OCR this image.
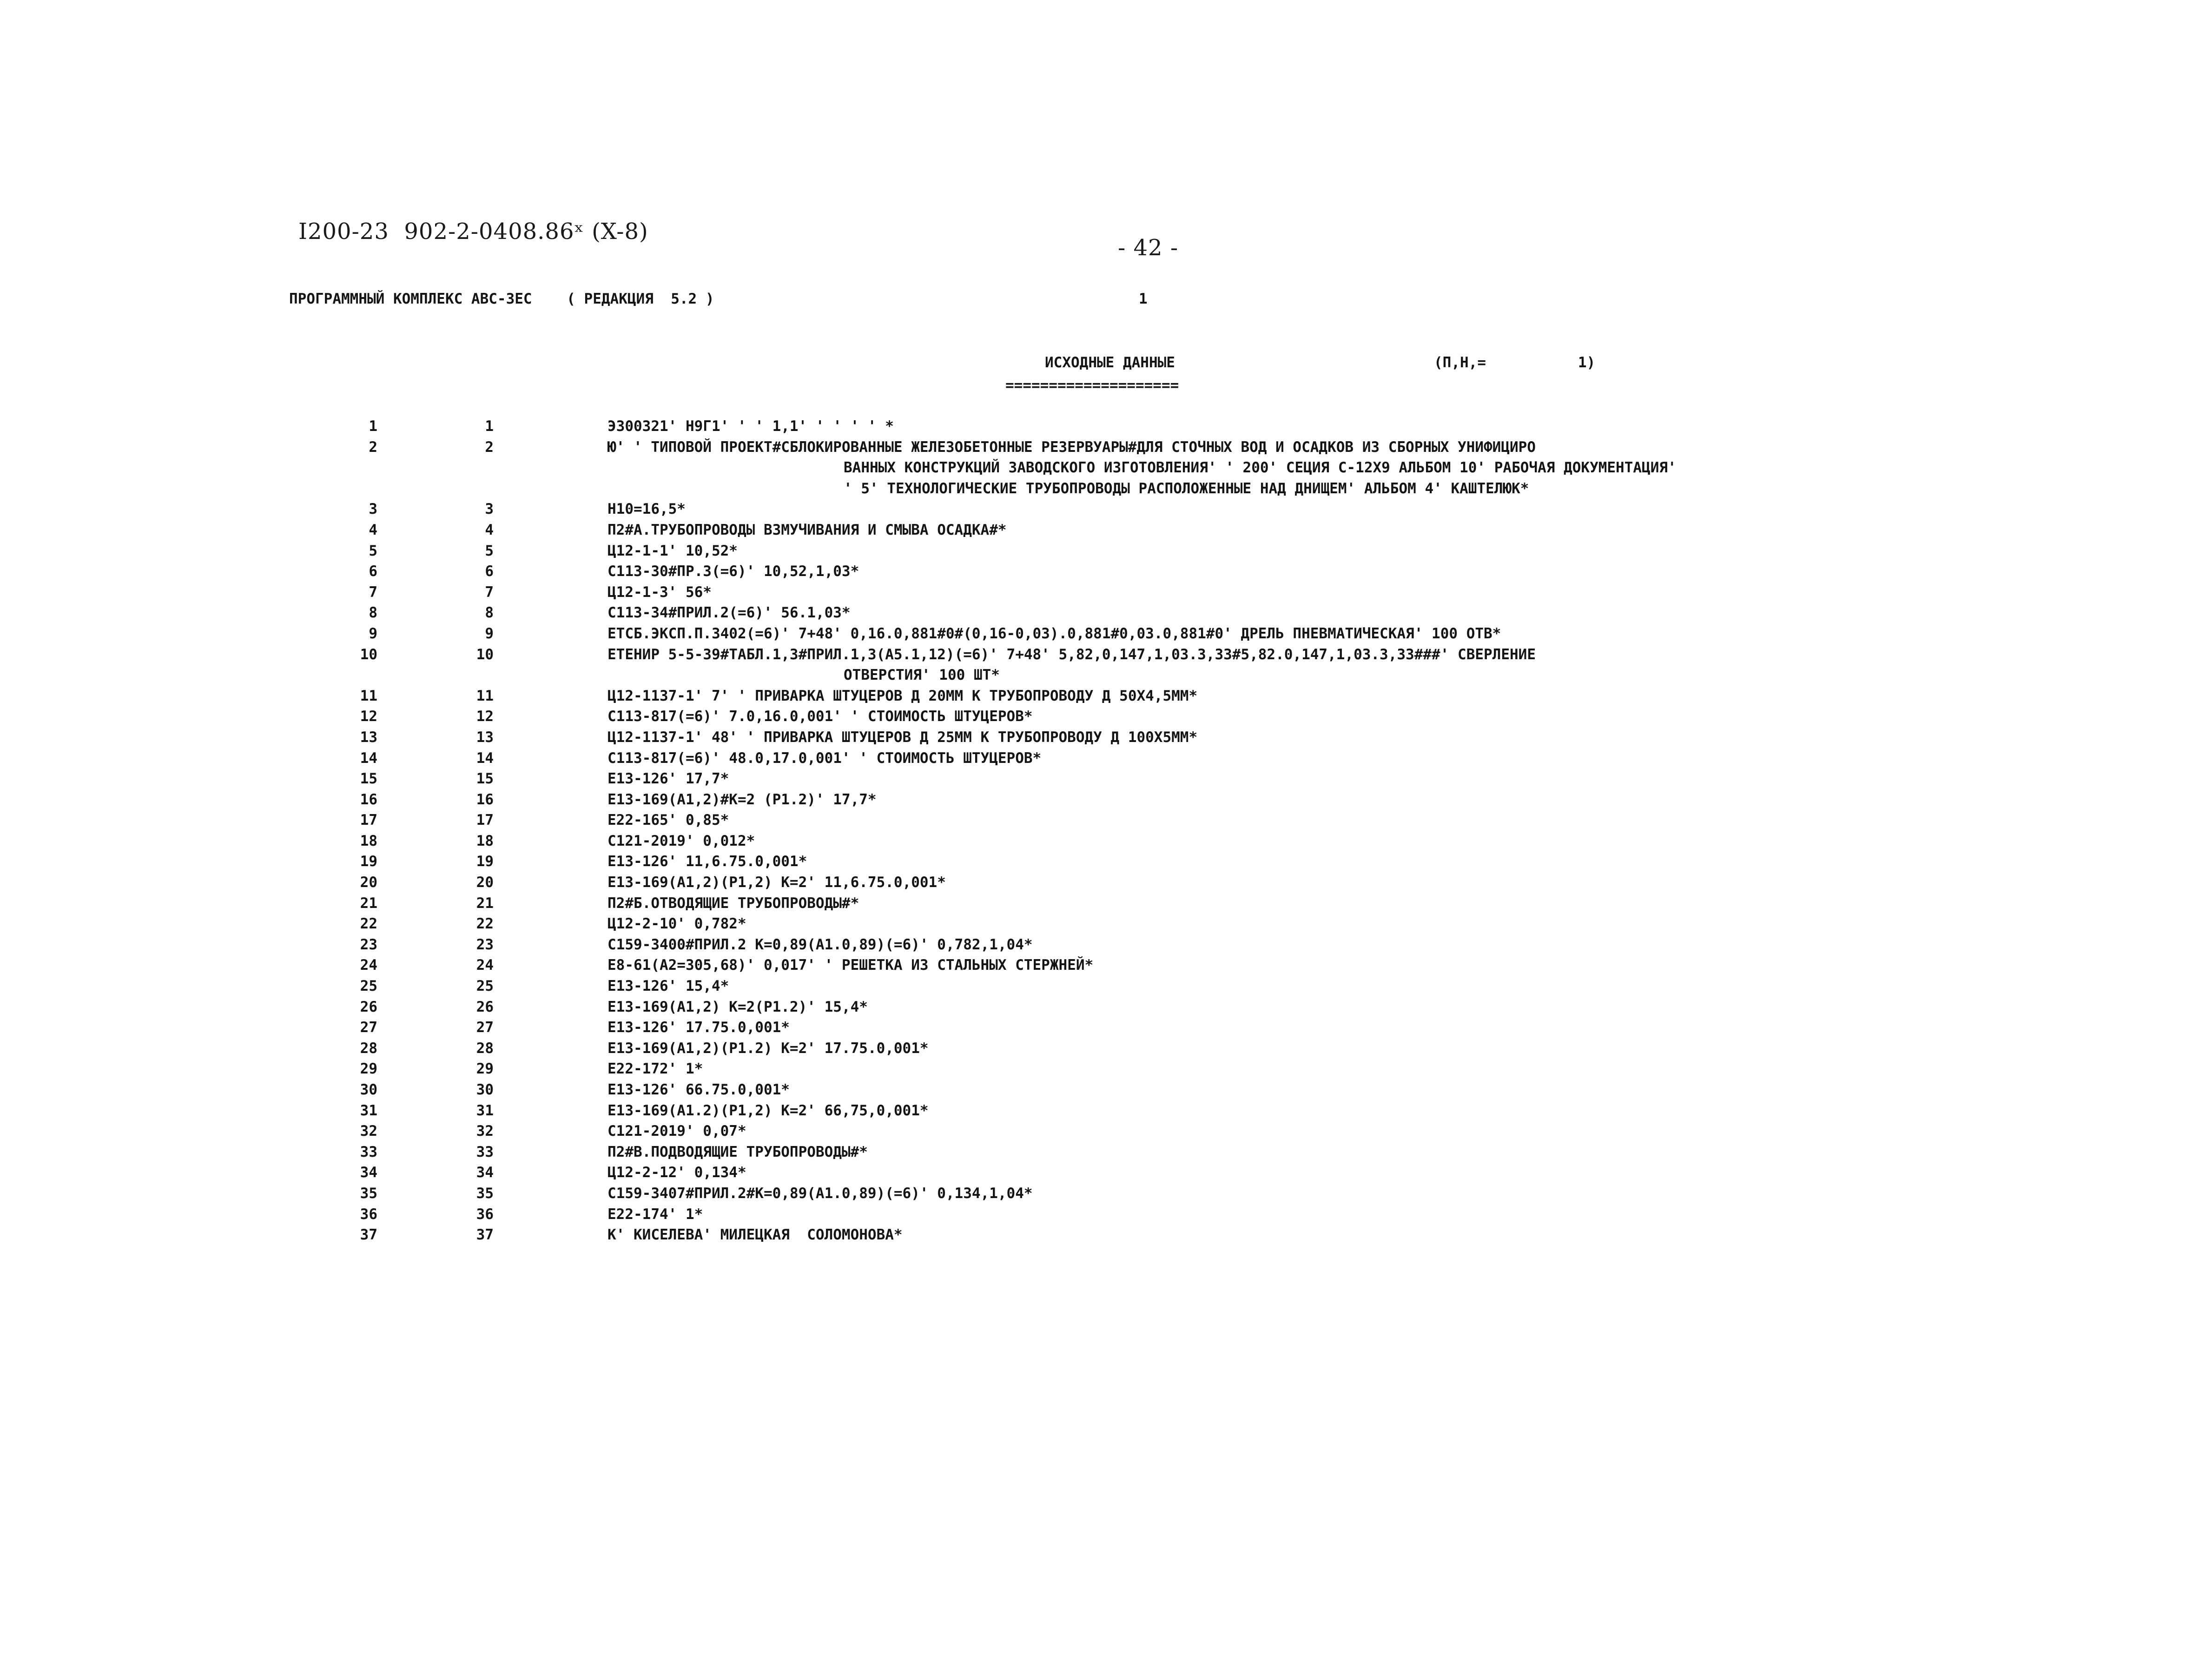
I200-23  902-2-0408.86ˣ (X-8)
- 42 -
ПРОГРАММНЫЙ КОМПЛЕКС АВС-3ЕС    ( РЕДАКЦИЯ  5.2 )	1
ИСХОДНЫЕ ДАННЫЕ
====================
(П,Н,=	1)
1	1	Э300321' Н9Г1' ' ' 1,1' ' ' ' ' *
2	2	Ю' ' ТИПОВОЙ ПРОЕКТ#СБЛОКИРОВАННЫЕ ЖЕЛЕЗОБЕТОННЫЕ РЕЗЕРВУАРЫ#ДЛЯ СТОЧНЫХ ВОД И ОСАДКОВ ИЗ СБОРНЫХ УНИФИЦИРО
ВАННЫХ КОНСТРУКЦИЙ ЗАВОДСКОГО ИЗГОТОВЛЕНИЯ' ' 200' СЕЦИЯ С-12Х9 АЛЬБОМ 10' РАБОЧАЯ ДОКУМЕНТАЦИЯ'
' 5' ТЕХНОЛОГИЧЕСКИЕ ТРУБОПРОВОДЫ РАСПОЛОЖЕННЫЕ НАД ДНИЩЕМ' АЛЬБОМ 4' КАШТЕЛЮК*
3	3	Н10=16,5*
4	4	П2#А.ТРУБОПРОВОДЫ ВЗМУЧИВАНИЯ И СМЫВА ОСАДКА#*
5	5	Ц12-1-1' 10,52*
6	6	С113-30#ПР.3(=6)' 10,52,1,03*
7	7	Ц12-1-3' 56*
8	8	С113-34#ПРИЛ.2(=6)' 56.1,03*
9	9	ЕТСБ.ЭКСП.П.3402(=6)' 7+48' 0,16.0,881#0#(0,16-0,03).0,881#0,03.0,881#0' ДРЕЛЬ ПНЕВМАТИЧЕСКАЯ' 100 ОТВ*
10	10	ЕТЕНИР 5-5-39#ТАБЛ.1,3#ПРИЛ.1,3(А5.1,12)(=6)' 7+48' 5,82,0,147,1,03.3,33#5,82.0,147,1,03.3,33###' СВЕРЛЕНИЕ
ОТВЕРСТИЯ' 100 ШТ*
11	11	Ц12-1137-1' 7' ' ПРИВАРКА ШТУЦЕРОВ Д 20ММ К ТРУБОПРОВОДУ Д 50Х4,5ММ*
12	12	С113-817(=6)' 7.0,16.0,001' ' СТОИМОСТЬ ШТУЦЕРОВ*
13	13	Ц12-1137-1' 48' ' ПРИВАРКА ШТУЦЕРОВ Д 25ММ К ТРУБОПРОВОДУ Д 100Х5ММ*
14	14	С113-817(=6)' 48.0,17.0,001' ' СТОИМОСТЬ ШТУЦЕРОВ*
15	15	Е13-126' 17,7*
16	16	Е13-169(А1,2)#К=2 (Р1.2)' 17,7*
17	17	Е22-165' 0,85*
18	18	С121-2019' 0,012*
19	19	Е13-126' 11,6.75.0,001*
20	20	Е13-169(А1,2)(Р1,2) К=2' 11,6.75.0,001*
21	21	П2#Б.ОТВОДЯЩИЕ ТРУБОПРОВОДЫ#*
22	22	Ц12-2-10' 0,782*
23	23	С159-3400#ПРИЛ.2 К=0,89(А1.0,89)(=6)' 0,782,1,04*
24	24	Е8-61(А2=305,68)' 0,017' ' РЕШЕТКА ИЗ СТАЛЬНЫХ СТЕРЖНЕЙ*
25	25	Е13-126' 15,4*
26	26	Е13-169(А1,2) К=2(Р1.2)' 15,4*
27	27	Е13-126' 17.75.0,001*
28	28	Е13-169(А1,2)(Р1.2) К=2' 17.75.0,001*
29	29	Е22-172' 1*
30	30	Е13-126' 66.75.0,001*
31	31	Е13-169(А1.2)(Р1,2) К=2' 66,75,0,001*
32	32	С121-2019' 0,07*
33	33	П2#В.ПОДВОДЯЩИЕ ТРУБОПРОВОДЫ#*
34	34	Ц12-2-12' 0,134*
35	35	С159-3407#ПРИЛ.2#К=0,89(А1.0,89)(=6)' 0,134,1,04*
36	36	Е22-174' 1*
37	37	К' КИСЕЛЕВА' МИЛЕЦКАЯ  СОЛОМОНОВА*
